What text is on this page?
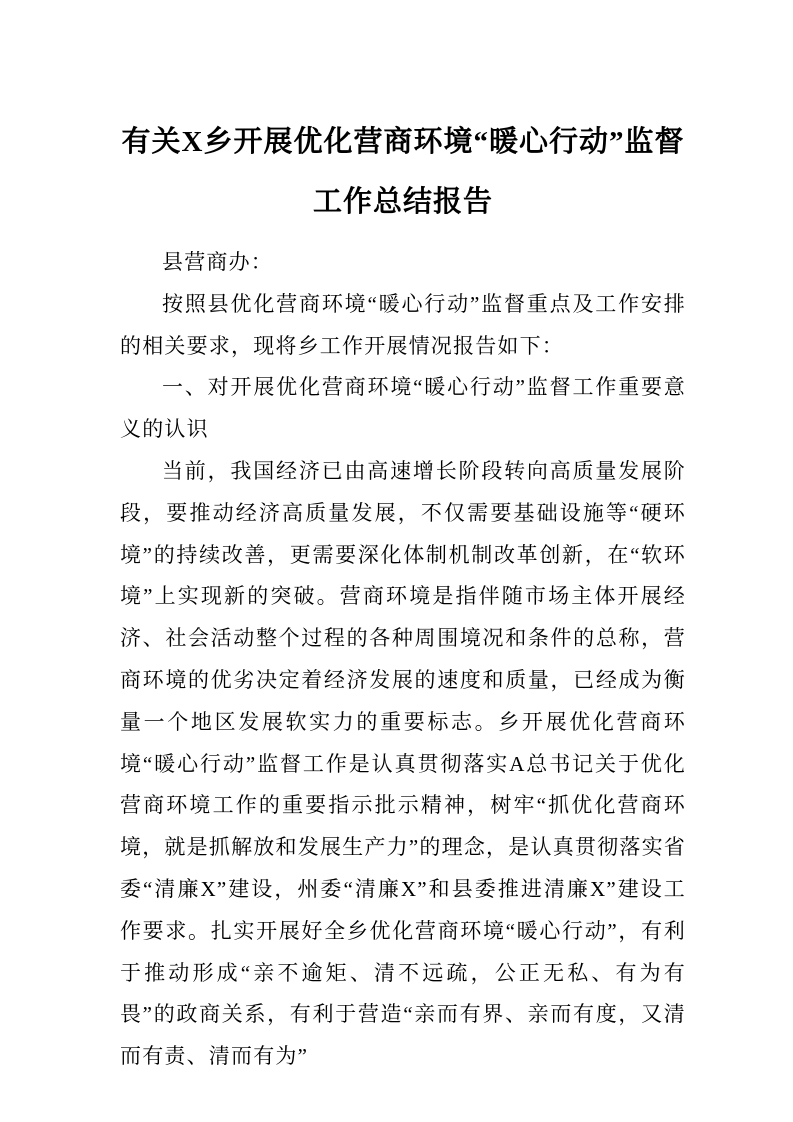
有关X乡开展优化营商环境“暖心行动”监督工作总结报告

县营商办：

按照县优化营商环境“暖心行动”监督重点及工作安排的相关要求，现将乡工作开展情况报告如下：

一、对开展优化营商环境“暖心行动”监督工作重要意义的认识

当前，我国经济已由高速增长阶段转向高质量发展阶段，要推动经济高质量发展，不仅需要基础设施等“硬环境”的持续改善，更需要深化体制机制改革创新，在“软环境”上实现新的突破。营商环境是指伴随市场主体开展经济、社会活动整个过程的各种周围境况和条件的总称，营商环境的优劣决定着经济发展的速度和质量，已经成为衡量一个地区发展软实力的重要标志。乡开展优化营商环境“暖心行动”监督工作是认真贯彻落实A总书记关于优化营商环境工作的重要指示批示精神，树牢“抓优化营商环境，就是抓解放和发展生产力”的理念，是认真贯彻落实省委“清廉X”建设，州委“清廉X”和县委推进清廉X”建设工作要求。扎实开展好全乡优化营商环境“暖心行动”，有利于推动形成“亲不逾矩、清不远疏，公正无私、有为有畏”的政商关系，有利于营造“亲而有界、亲而有度，又清而有责、清而有为”
